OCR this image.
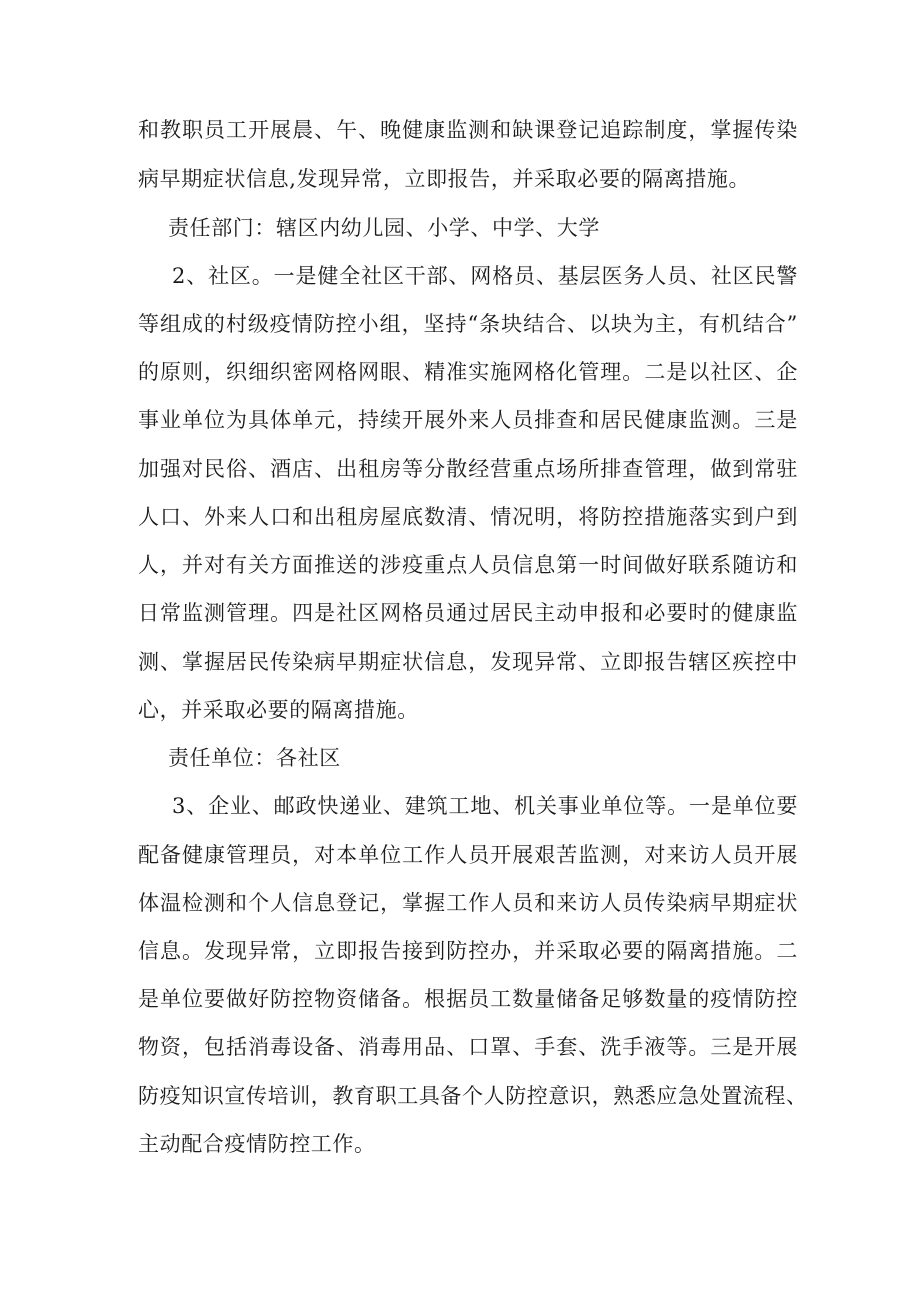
和教职员工开展晨、午、晚健康监测和缺课登记追踪制度，掌握传染
病早期症状信息,发现异常，立即报告，并采取必要的隔离措施。
责任部门：辖区内幼儿园、小学、中学、大学
2、社区。一是健全社区干部、网格员、基层医务人员、社区民警
等组成的村级疫情防控小组，坚持“条块结合、以块为主，有机结合”
的原则，织细织密网格网眼、精准实施网格化管理。二是以社区、企
事业单位为具体单元，持续开展外来人员排查和居民健康监测。三是
加强对民俗、酒店、出租房等分散经营重点场所排查管理，做到常驻
人口、外来人口和出租房屋底数清、情况明，将防控措施落实到户到
人，并对有关方面推送的涉疫重点人员信息第一时间做好联系随访和
日常监测管理。四是社区网格员通过居民主动申报和必要时的健康监
测、掌握居民传染病早期症状信息，发现异常、立即报告辖区疾控中
心，并采取必要的隔离措施。
责任单位：各社区
3、企业、邮政快递业、建筑工地、机关事业单位等。一是单位要
配备健康管理员，对本单位工作人员开展艰苦监测，对来访人员开展
体温检测和个人信息登记，掌握工作人员和来访人员传染病早期症状
信息。发现异常，立即报告接到防控办，并采取必要的隔离措施。二
是单位要做好防控物资储备。根据员工数量储备足够数量的疫情防控
物资，包括消毒设备、消毒用品、口罩、手套、洗手液等。三是开展
防疫知识宣传培训，教育职工具备个人防控意识，熟悉应急处置流程、
主动配合疫情防控工作。
